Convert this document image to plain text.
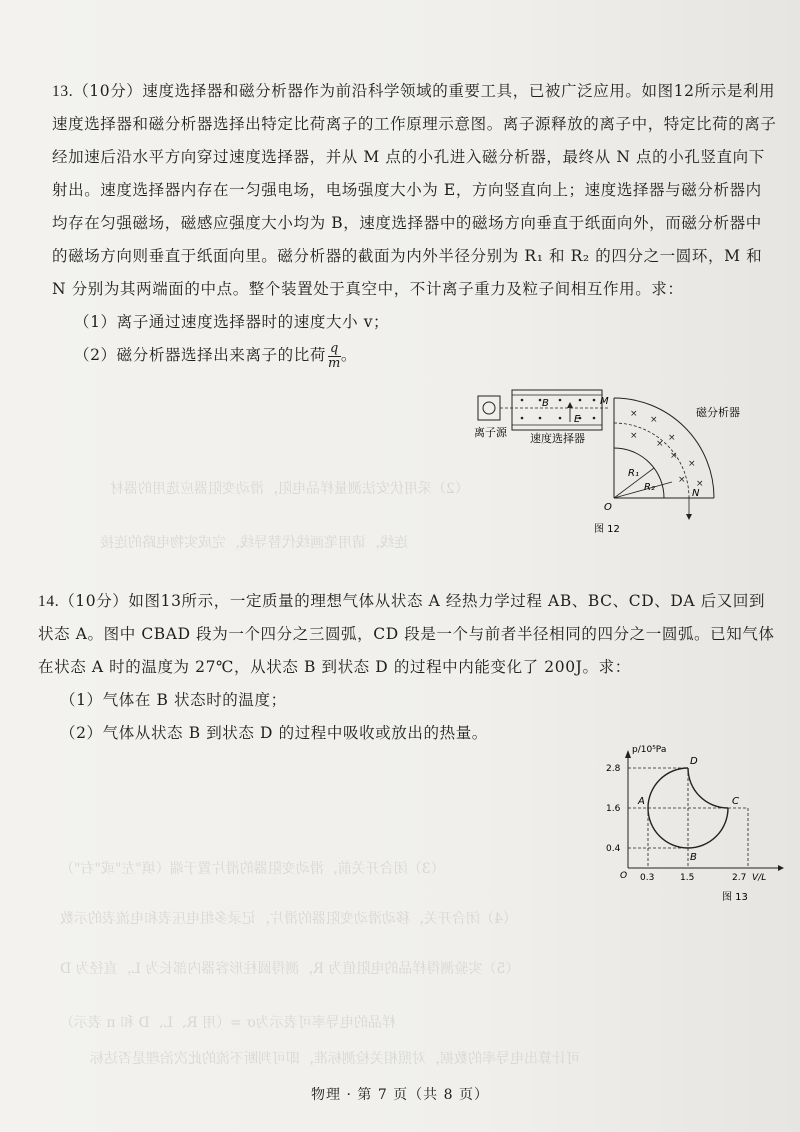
（2）采用伏安法测量样品电阻，滑动变阻器应选用的器材
连线，请用笔画线代替导线，完成实物电路的连接
（3）闭合开关前，滑动变阻器的滑片置于端（填"左"或"右"）
（4）闭合开关，移动滑动变阻器的滑片，记录多组电压表和电流表的示数
（5）实验测得样品的电阻值为 R，测得圆柱形容器内部长为 L，直径为 D
样品的电导率可表示为σ =（用 R、L、D 和 π 表示）
可计算出电导率的数据，对照相关检测标准，即可判断不流的此次治理是否达标

13.（10分）速度选择器和磁分析器作为前沿科学领域的重要工具，已被广泛应用。如图12所示是利用速度选择器和磁分析器选择出特定比荷离子的工作原理示意图。离子源释放的离子中，特定比荷的离子经加速后沿水平方向穿过速度选择器，并从 M 点的小孔进入磁分析器，最终从 N 点的小孔竖直向下射出。速度选择器内存在一匀强电场，电场强度大小为 E，方向竖直向上；速度选择器与磁分析器内均存在匀强磁场，磁感应强度大小均为 B，速度选择器中的磁场方向垂直于纸面向外，而磁分析器中的磁场方向则垂直于纸面向里。磁分析器的截面为内外半径分别为 R₁ 和 R₂ 的四分之一圆环，M 和 N 分别为其两端面的中点。整个装置处于真空中，不计离子重力及粒子间相互作用。求：

（1）离子通过速度选择器时的速度大小 v；

（2）磁分析器选择出来离子的比荷 $\frac{q}{m}$ 。

离子源
B
E
速度选择器
×
×
×
×
×
×
×
× ×
M
N
O
R₁
R₂
磁分析器
图 12

14.（10分）如图13所示，一定质量的理想气体从状态 A 经热力学过程 AB、BC、CD、DA 后又回到状态 A。图中 CBAD 段为一个四分之三圆弧，CD 段是一个与前者半径相同的四分之一圆弧。已知气体在状态 A 时的温度为 27℃，从状态 B 到状态 D 的过程中内能变化了 200J。求：

（1）气体在 B 状态时的温度；

（2）气体从状态 B 到状态 D 的过程中吸收或放出的热量。

p/10⁵Pa
V/L
2.8
1.6
0.4
0.3	1.5	2.7
O
A
B
C
D
图 13
物理 · 第 7 页（共 8 页）
